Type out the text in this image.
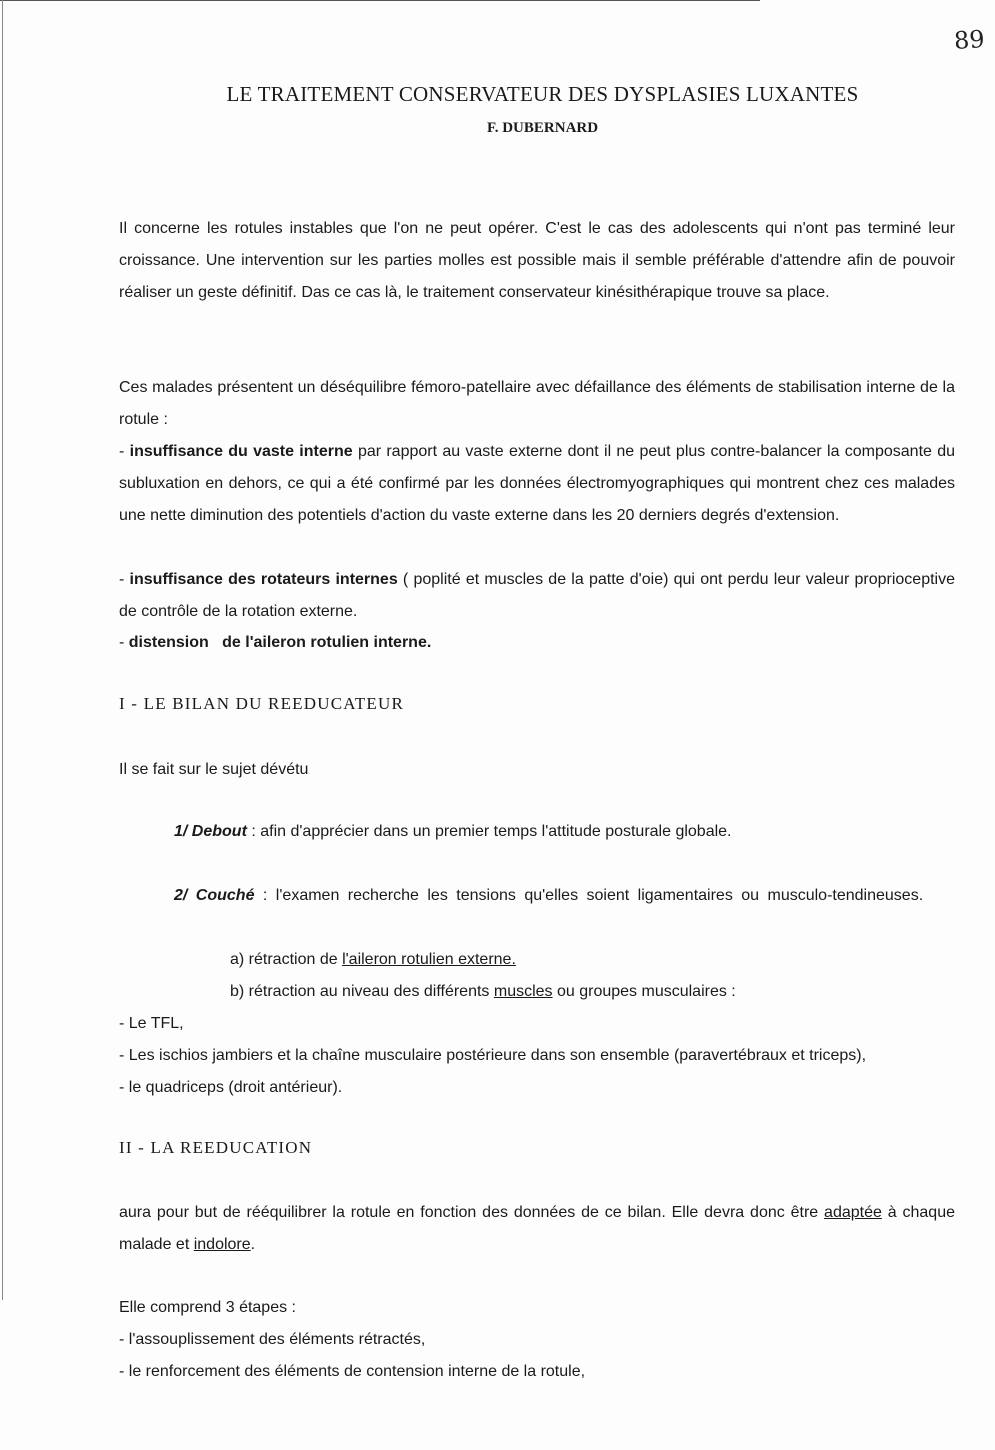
89
LE TRAITEMENT CONSERVATEUR DES DYSPLASIES LUXANTES
F. DUBERNARD

Il concerne les rotules instables que l'on ne peut opérer. C'est le cas des adolescents qui n'ont pas terminé leur croissance. Une intervention sur les parties molles est possible mais il semble préférable d'attendre afin de pouvoir réaliser un geste définitif. Das ce cas là, le traitement conservateur kinésithérapique trouve sa place.

Ces malades présentent un déséquilibre fémoro-patellaire avec défaillance des éléments de stabilisation interne de la rotule :

- insuffisance du vaste interne par rapport au vaste externe dont il ne peut plus contre-balancer la composante du subluxation en dehors, ce qui a été confirmé par les données électromyographiques qui montrent chez ces malades une nette diminution des potentiels d'action du vaste externe dans les 20 derniers degrés d'extension.

- insuffisance des rotateurs internes ( poplité et muscles de la patte d'oie) qui ont perdu leur valeur proprioceptive de contrôle de la rotation externe.

- distension   de l'aileron rotulien interne.

I - LE BILAN DU REEDUCATEUR

Il se fait sur le sujet dévétu

1/ Debout : afin d'apprécier dans un premier temps l'attitude posturale globale.

2/ Couché : l'examen recherche les tensions qu'elles soient ligamentaires ou musculo-tendineuses.

a) rétraction de l'aileron rotulien externe.

b) rétraction au niveau des différents muscles ou groupes musculaires :

- Le TFL,

- Les ischios jambiers et la chaîne musculaire postérieure dans son ensemble (paravertébraux et triceps),

- le quadriceps (droit antérieur).

II - LA REEDUCATION

aura pour but de rééquilibrer la rotule en fonction des données de ce bilan. Elle devra donc être adaptée à chaque malade et indolore.

Elle comprend 3 étapes :

- l'assouplissement des éléments rétractés,

- le renforcement des éléments de contension interne de la rotule,
